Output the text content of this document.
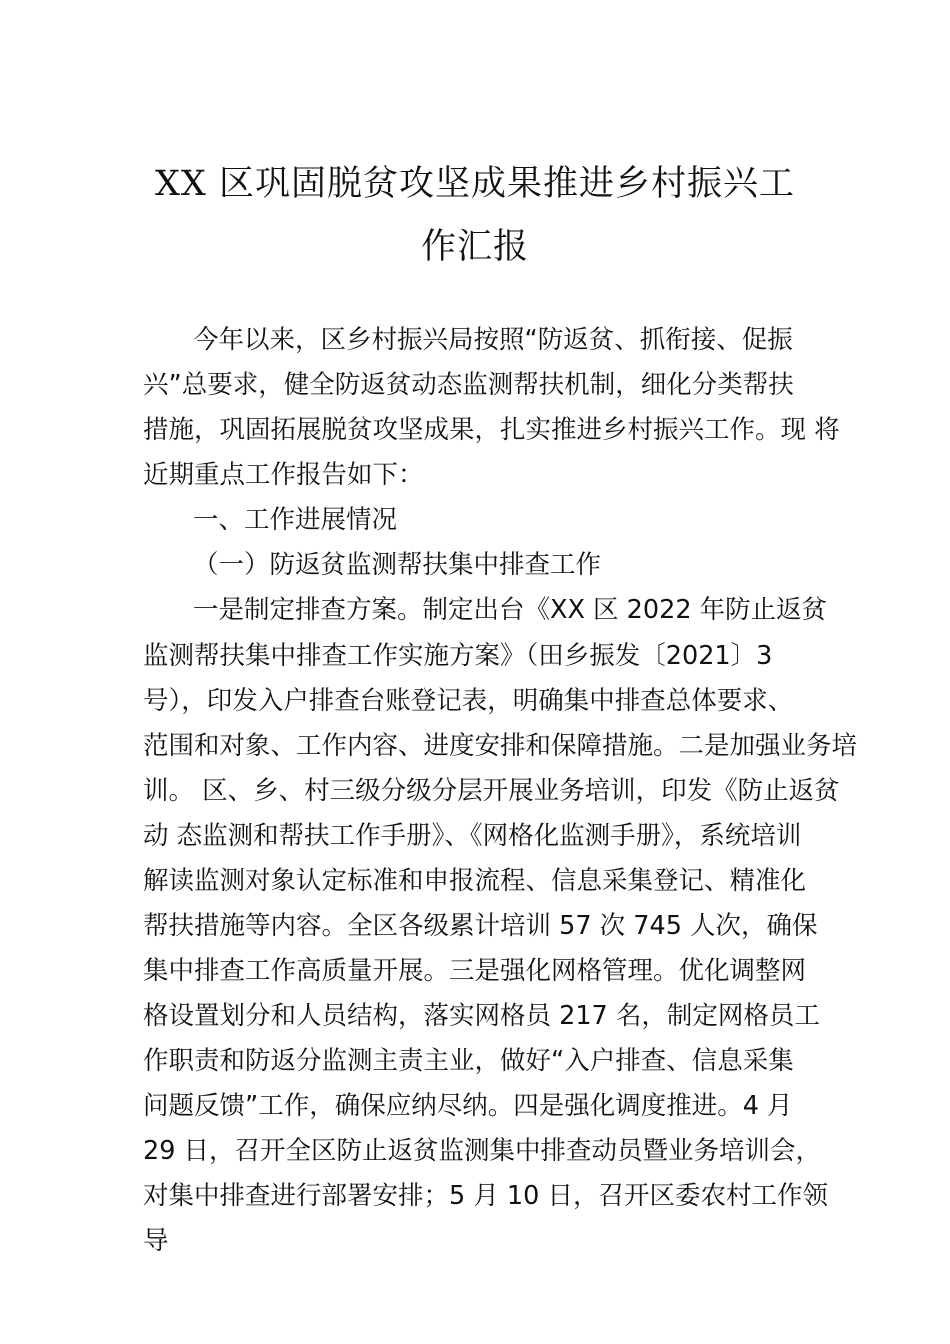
XX 区巩固脱贫攻坚成果推进乡村振兴工
作汇报
今年以来，区乡村振兴局按照“防返贫、抓衔接、促振
兴”总要求，健全防返贫动态监测帮扶机制，细化分类帮扶
措施，巩固拓展脱贫攻坚成果，扎实推进乡村振兴工作。现 将
近期重点工作报告如下：
一、工作进展情况
（一）防返贫监测帮扶集中排查工作
一是制定排查方案。制定出台《XX 区 2022 年防止返贫
监测帮扶集中排查工作实施方案》（田乡振发〔2021〕3
号），印发入户排查台账登记表，明确集中排查总体要求、
范围和对象、工作内容、进度安排和保障措施。二是加强业务培
训。 区、乡、村三级分级分层开展业务培训，印发《防止返贫
动 态监测和帮扶工作手册》、《网格化监测手册》，系统培训
解读监测对象认定标准和申报流程、信息采集登记、精准化
帮扶措施等内容。全区各级累计培训 57 次 745 人次，确保
集中排查工作高质量开展。三是强化网格管理。优化调整网
格设置划分和人员结构，落实网格员 217 名，制定网格员工
作职责和防返分监测主责主业，做好“入户排查、信息采集
问题反馈”工作，确保应纳尽纳。四是强化调度推进。4 月
29 日，召开全区防止返贫监测集中排查动员暨业务培训会，
对集中排查进行部署安排；5 月 10 日，召开区委农村工作领
导
